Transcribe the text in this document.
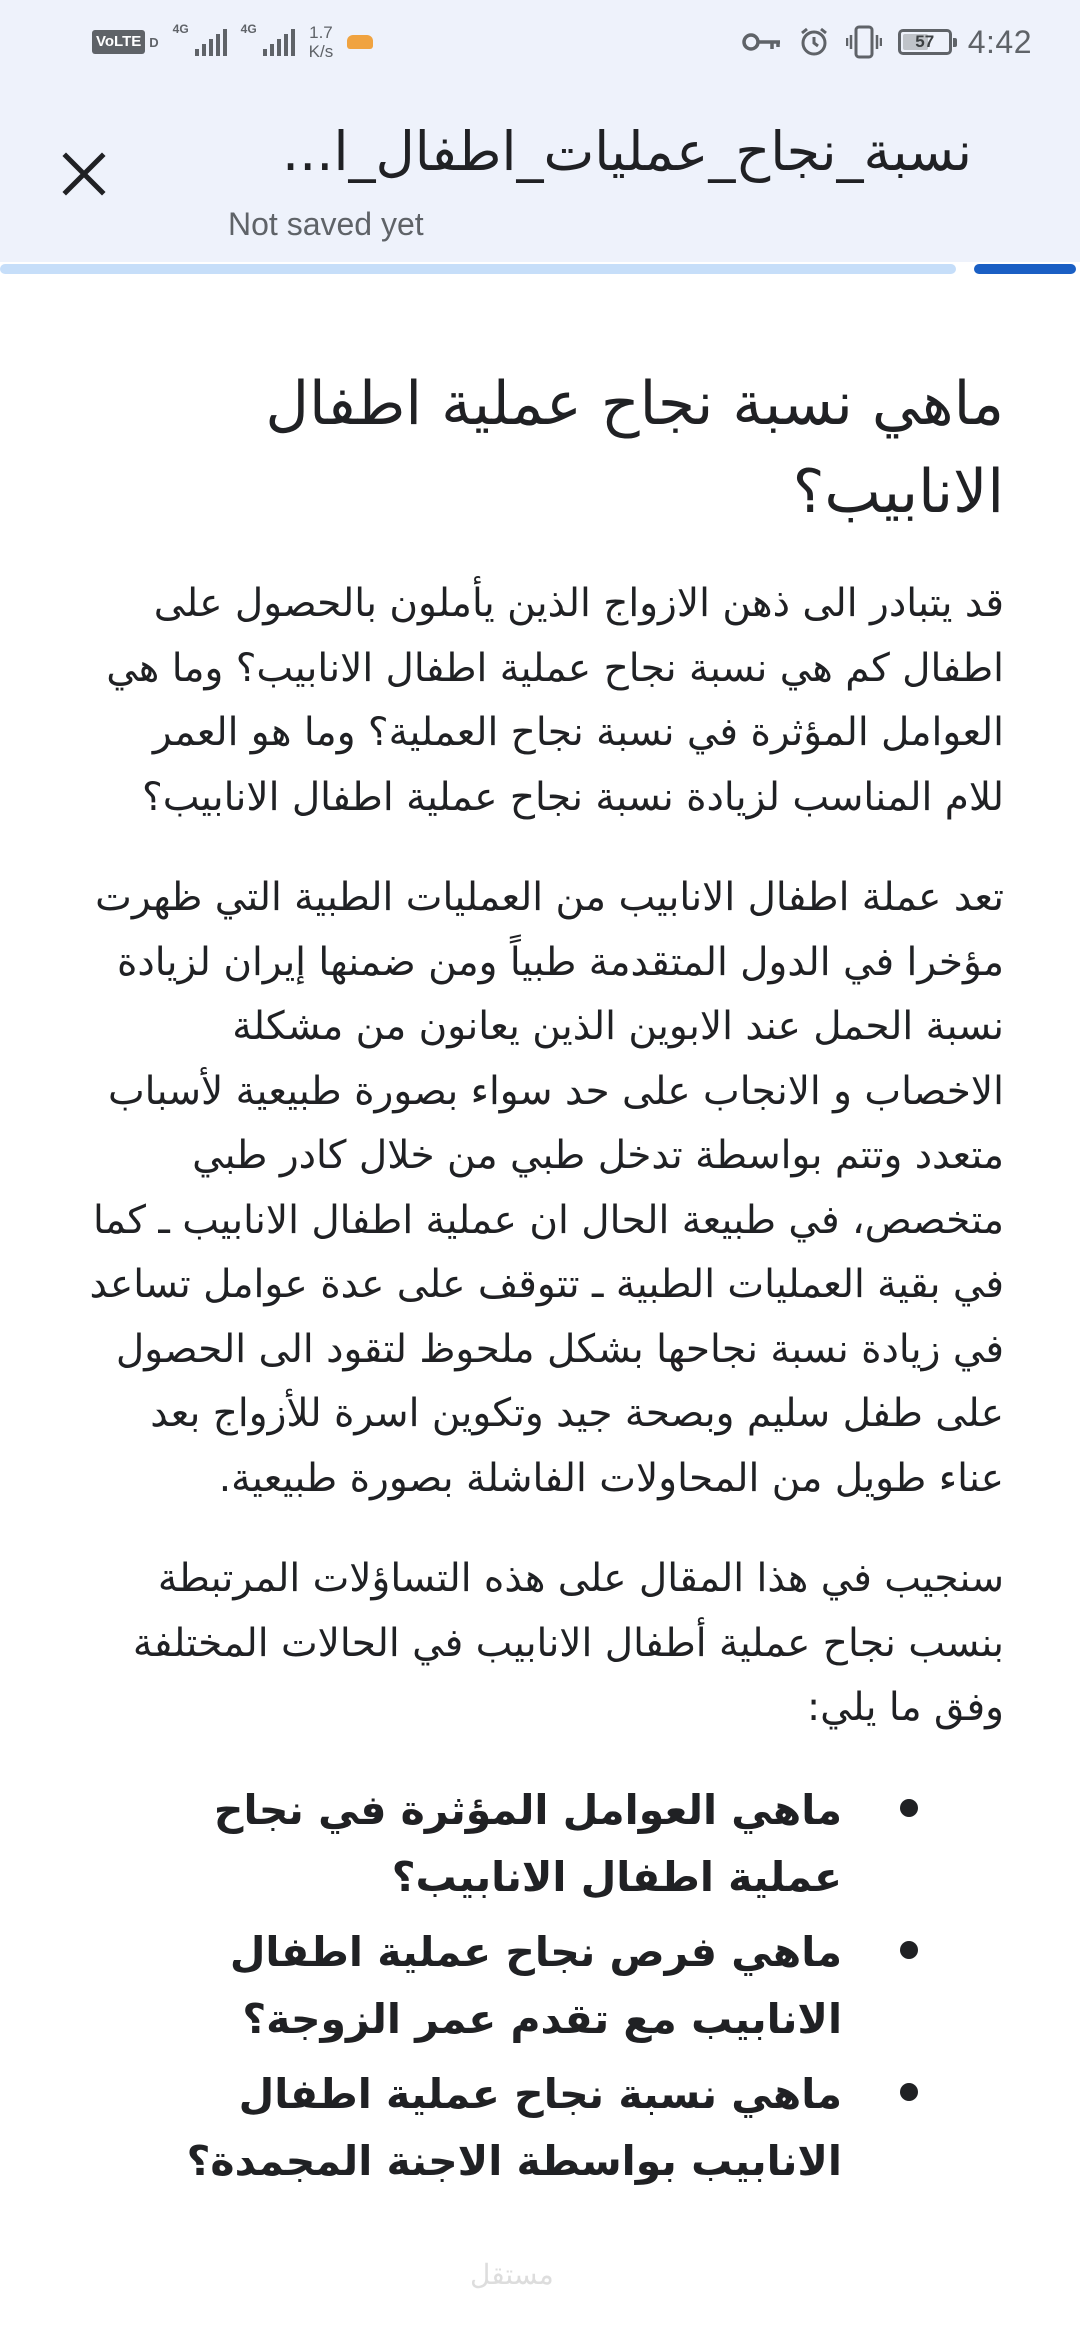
VoLTE D
4G	4G	1.7
K/s
57 4:42
نسبة_نجاح_عمليات_اطفال_ا...
Not saved yet
ماهي نسبة نجاح عملية اطفال الانابيب؟

قد يتبادر الى ذهن الازواج الذين يأملون بالحصول على اطفال كم هي نسبة نجاح عملية اطفال الانابيب؟ وما هي العوامل المؤثرة في نسبة نجاح العملية؟ وما هو العمر للام المناسب لزيادة نسبة نجاح عملية اطفال الانابيب؟

تعد عملة اطفال الانابيب من العمليات الطبية التي ظهرت مؤخرا في الدول المتقدمة طبياً ومن ضمنها إيران لزيادة نسبة الحمل عند الابوين الذين يعانون من مشكلة الاخصاب و الانجاب على حد سواء بصورة طبيعية لأسباب متعدد وتتم بواسطة تدخل طبي من خلال كادر طبي متخصص، في طبيعة الحال ان عملية اطفال الانابيب ـ كما في بقية العمليات الطبية ـ تتوقف على عدة عوامل تساعد في زيادة نسبة نجاحها بشكل ملحوظ لتقود الى الحصول على طفل سليم وبصحة جيد وتكوين اسرة للأزواج بعد عناء طويل من المحاولات الفاشلة بصورة طبيعية.

سنجيب في هذا المقال على هذه التساؤلات المرتبطة بنسب نجاح عملية أطفال الانابيب في الحالات المختلفة وفق ما يلي:

ماهي العوامل المؤثرة في نجاح عملية اطفال الانابيب؟
ماهي فرص نجاح عملية اطفال الانابيب مع تقدم عمر الزوجة؟
ماهي نسبة نجاح عملية اطفال الانابيب بواسطة الاجنة المجمدة؟
مستقل
